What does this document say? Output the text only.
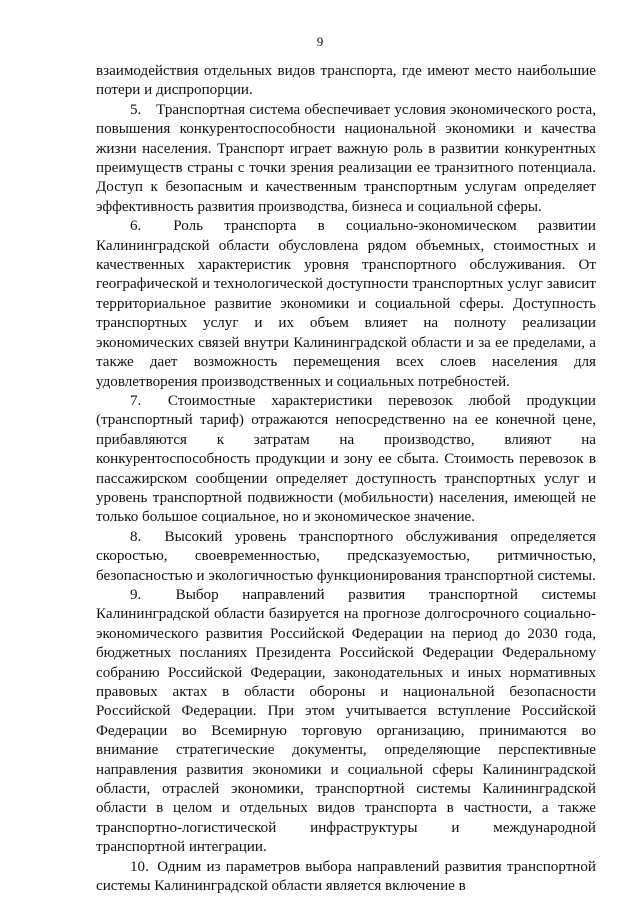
9

взаимодействия отдельных видов транспорта, где имеют место наибольшие потери и диспропорции.

5. Транспортная система обеспечивает условия экономического роста, повышения конкурентоспособности национальной экономики и качества жизни населения. Транспорт играет важную роль в развитии конкурентных преимуществ страны с точки зрения реализации ее транзитного потенциала. Доступ к безопасным и качественным транспортным услугам определяет эффективность развития производства, бизнеса и социальной сферы.

6. Роль транспорта в социально-экономическом развитии Калининградской области обусловлена рядом объемных, стоимостных и качественных характеристик уровня транспортного обслуживания. От географической и технологической доступности транспортных услуг зависит территориальное развитие экономики и социальной сферы. Доступность транспортных услуг и их объем влияет на полноту реализации экономических связей внутри Калининградской области и за ее пределами, а также дает возможность перемещения всех слоев населения для удовлетворения производственных и социальных потребностей.

7. Стоимостные характеристики перевозок любой продукции (транспортный тариф) отражаются непосредственно на ее конечной цене, прибавляются к затратам на производство, влияют на конкурентоспособность продукции и зону ее сбыта. Стоимость перевозок в пассажирском сообщении определяет доступность транспортных услуг и уровень транспортной подвижности (мобильности) населения, имеющей не только большое социальное, но и экономическое значение.

8. Высокий уровень транспортного обслуживания определяется скоростью, своевременностью, предсказуемостью, ритмичностью, безопасностью и экологичностью функционирования транспортной системы.

9. Выбор направлений развития транспортной системы Калининградской области базируется на прогнозе долгосрочного социально-экономического развития Российской Федерации на период до 2030 года, бюджетных посланиях Президента Российской Федерации Федеральному собранию Российской Федерации, законодательных и иных нормативных правовых актах в области обороны и национальной безопасности Российской Федерации. При этом учитывается вступление Российской Федерации во Всемирную торговую организацию, принимаются во внимание стратегические документы, определяющие перспективные направления развития экономики и социальной сферы Калининградской области, отраслей экономики, транспортной системы Калининградской области в целом и отдельных видов транспорта в частности, а также транспортно-логистической инфраструктуры и международной транспортной интеграции.

10. Одним из параметров выбора направлений развития транспортной системы Калининградской области является включение в
